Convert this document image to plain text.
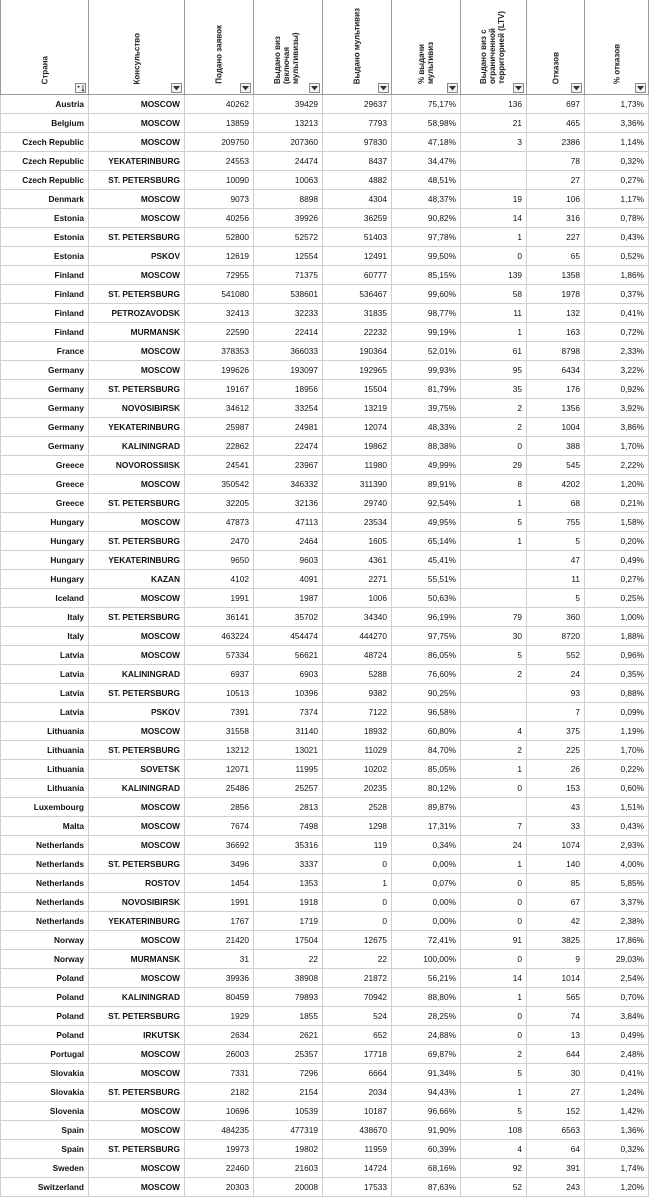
Страна	Консульство	Подано заявок	Выдано виз (включая мультивизы)	Выдано мультивиз	% выдачи мультивиз	Выдано виз с ограниченной территорией (LTV)	Отказов	% отказов

Austria	MOSCOW	40262	39429	29637	75,17%	136	697	1,73%
Belgium	MOSCOW	13859	13213	7793	58,98%	21	465	3,36%
Czech Republic	MOSCOW	209750	207360	97830	47,18%	3	2386	1,14%
Czech Republic	YEKATERINBURG	24553	24474	8437	34,47%		78	0,32%
Czech Republic	ST. PETERSBURG	10090	10063	4882	48,51%		27	0,27%
Denmark	MOSCOW	9073	8898	4304	48,37%	19	106	1,17%
Estonia	MOSCOW	40256	39926	36259	90,82%	14	316	0,78%
Estonia	ST. PETERSBURG	52800	52572	51403	97,78%	1	227	0,43%
Estonia	PSKOV	12619	12554	12491	99,50%	0	65	0,52%
Finland	MOSCOW	72955	71375	60777	85,15%	139	1358	1,86%
Finland	ST. PETERSBURG	541080	538601	536467	99,60%	58	1978	0,37%
Finland	PETROZAVODSK	32413	32233	31835	98,77%	11	132	0,41%
Finland	MURMANSK	22590	22414	22232	99,19%	1	163	0,72%
France	MOSCOW	378353	366033	190364	52,01%	61	8798	2,33%
Germany	MOSCOW	199626	193097	192965	99,93%	95	6434	3,22%
Germany	ST. PETERSBURG	19167	18956	15504	81,79%	35	176	0,92%
Germany	NOVOSIBIRSK	34612	33254	13219	39,75%	2	1356	3,92%
Germany	YEKATERINBURG	25987	24981	12074	48,33%	2	1004	3,86%
Germany	KALININGRAD	22862	22474	19862	88,38%	0	388	1,70%
Greece	NOVOROSSIISK	24541	23967	11980	49,99%	29	545	2,22%
Greece	MOSCOW	350542	346332	311390	89,91%	8	4202	1,20%
Greece	ST. PETERSBURG	32205	32136	29740	92,54%	1	68	0,21%
Hungary	MOSCOW	47873	47113	23534	49,95%	5	755	1,58%
Hungary	ST. PETERSBURG	2470	2464	1605	65,14%	1	5	0,20%
Hungary	YEKATERINBURG	9650	9603	4361	45,41%		47	0,49%
Hungary	KAZAN	4102	4091	2271	55,51%		11	0,27%
Iceland	MOSCOW	1991	1987	1006	50,63%		5	0,25%
Italy	ST. PETERSBURG	36141	35702	34340	96,19%	79	360	1,00%
Italy	MOSCOW	463224	454474	444270	97,75%	30	8720	1,88%
Latvia	MOSCOW	57334	56621	48724	86,05%	5	552	0,96%
Latvia	KALININGRAD	6937	6903	5288	76,60%	2	24	0,35%
Latvia	ST. PETERSBURG	10513	10396	9382	90,25%		93	0,88%
Latvia	PSKOV	7391	7374	7122	96,58%		7	0,09%
Lithuania	MOSCOW	31558	31140	18932	60,80%	4	375	1,19%
Lithuania	ST. PETERSBURG	13212	13021	11029	84,70%	2	225	1,70%
Lithuania	SOVETSK	12071	11995	10202	85,05%	1	26	0,22%
Lithuania	KALININGRAD	25486	25257	20235	80,12%	0	153	0,60%
Luxembourg	MOSCOW	2856	2813	2528	89,87%		43	1,51%
Malta	MOSCOW	7674	7498	1298	17,31%	7	33	0,43%
Netherlands	MOSCOW	36692	35316	119	0,34%	24	1074	2,93%
Netherlands	ST. PETERSBURG	3496	3337	0	0,00%	1	140	4,00%
Netherlands	ROSTOV	1454	1353	1	0,07%	0	85	5,85%
Netherlands	NOVOSIBIRSK	1991	1918	0	0,00%	0	67	3,37%
Netherlands	YEKATERINBURG	1767	1719	0	0,00%	0	42	2,38%
Norway	MOSCOW	21420	17504	12675	72,41%	91	3825	17,86%
Norway	MURMANSK	31	22	22	100,00%	0	9	29,03%
Poland	MOSCOW	39936	38908	21872	56,21%	14	1014	2,54%
Poland	KALININGRAD	80459	79893	70942	88,80%	1	565	0,70%
Poland	ST. PETERSBURG	1929	1855	524	28,25%	0	74	3,84%
Poland	IRKUTSK	2634	2621	652	24,88%	0	13	0,49%
Portugal	MOSCOW	26003	25357	17718	69,87%	2	644	2,48%
Slovakia	MOSCOW	7331	7296	6664	91,34%	5	30	0,41%
Slovakia	ST. PETERSBURG	2182	2154	2034	94,43%	1	27	1,24%
Slovenia	MOSCOW	10696	10539	10187	96,66%	5	152	1,42%
Spain	MOSCOW	484235	477319	438670	91,90%	108	6563	1,36%
Spain	ST. PETERSBURG	19973	19802	11959	60,39%	4	64	0,32%
Sweden	MOSCOW	22460	21603	14724	68,16%	92	391	1,74%
Switzerland	MOSCOW	20303	20008	17533	87,63%	52	243	1,20%
